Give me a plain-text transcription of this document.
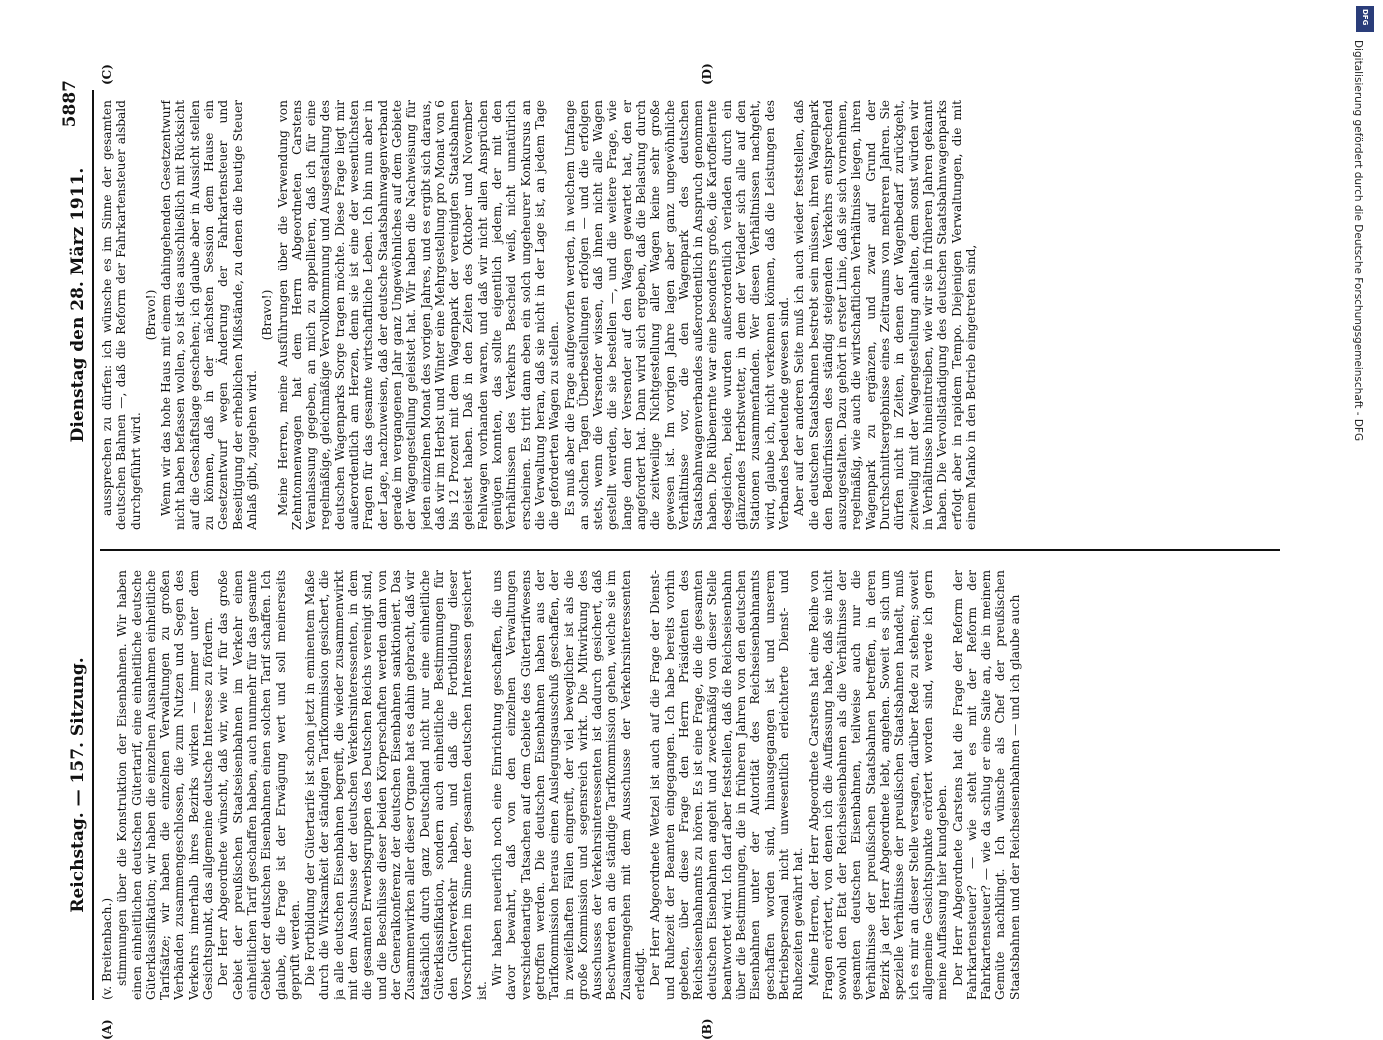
Reichstag. — 157. Sitzung.
Dienstag den 28. März 1911.
5887

(v. Breitenbach.) stimmungen über die Konstruktion der Eisenbahnen. Wir haben einen einheitlichen deutschen Gütertarif, eine einheitliche deutsche Güterklassifikation; wir haben die einzelnen Ausnahmen einheitliche Tarifsätze; wir haben die einzelnen Verwaltungen zu großen Verbänden zusammengeschlossen, die zum Nutzen und Segen des Verkehrs innerhalb ihres Bezirks wirken — immer unter dem Gesichtspunkt, das allgemeine deutsche Interesse zu fördern. Der Herr Abgeordnete wünscht, daß wir, wie wir für das große Gebiet der preußischen Staatseisenbahnen im Verkehr einen einheitlichen Tarif geschaffen haben, auch nunmehr für das gesamte Gebiet der deutschen Eisenbahnen einen solchen Tarif schaffen. Ich glaube, die Frage ist der Erwägung wert und soll meinerseits geprüft werden. Die Fortbildung der Gütertarife ist schon jetzt in eminentem Maße durch die Wirksamkeit der ständigen Tarifkommission gesichert, die ja alle deutschen Eisenbahnen begreift, die wieder zusammenwirkt mit dem Ausschusse der deutschen Verkehrsinteressenten, in dem die gesamten Erwerbsgruppen des Deutschen Reichs vereinigt sind, und die Beschlüsse dieser beiden Körperschaften werden dann von der Generalkonferenz der deutschen Eisenbahnen sanktioniert. Das Zusammenwirken aller dieser Organe hat es dahin gebracht, daß wir tatsächlich durch ganz Deutschland nicht nur eine einheitliche Güterklassifikation, sondern auch einheitliche Bestimmungen für den Güterverkehr haben, und daß die Fortbildung dieser Vorschriften im Sinne der gesamten deutschen Interessen gesichert ist.

Wir haben neuerlich noch eine Einrichtung geschaffen, die uns davor bewahrt, daß von den einzelnen Verwaltungen verschiedenartige Tatsachen auf dem Gebiete des Gütertarifwesens getroffen werden. Die deutschen Eisenbahnen haben aus der Tarifkommission heraus einen Auslegungsausschuß geschaffen, der in zweifelhaften Fällen eingreift, der viel beweglicher ist als die große Kommission und segensreich wirkt. Die Mitwirkung des Ausschusses der Verkehrsinteressenten ist dadurch gesichert, daß Beschwerden an die ständige Tarifkommission gehen, welche sie im Zusammengehen mit dem Ausschusse der Verkehrsinteressenten erledigt. Der Herr Abgeordnete Wetzel ist auch auf die Frage der Dienst- und Ruhezeit der Beamten eingegangen. Ich habe bereits vorhin gebeten, über diese Frage den Herrn Präsidenten des Reichseisenbahnamts zu hören. Es ist eine Frage, die die gesamten deutschen Eisenbahnen angeht und zweckmäßig von dieser Stelle beantwortet wird. Ich darf aber feststellen, daß die Reichseisenbahn über die Bestimmungen, die in früheren Jahren von den deutschen Eisenbahnen unter der Autorität des Reichseisenbahnamts geschaffen worden sind, hinausgegangen ist und unserem Betriebspersonal nicht unwesentlich erleichterte Dienst- und Ruhezeiten gewährt hat. Meine Herren, der Herr Abgeordnete Carstens hat eine Reihe von Fragen erörtert, von denen ich die Auffassung habe, daß sie nicht sowohl den Etat der Reichseisenbahnen als die Verhältnisse der gesamten deutschen Eisenbahnen, teilweise auch nur die Verhältnisse der preußischen Staatsbahnen betreffen, in deren Bezirk ja der Herr Abgeordnete lebt, angehen. Soweit es sich um spezielle Verhältnisse der preußischen Staatsbahnen handelt, muß ich es mir an dieser Stelle versagen, darüber Rede zu stehen; soweit allgemeine Gesichtspunkte erörtert worden sind, werde ich gern meine Auffassung hier kundgeben. Der Herr Abgeordnete Carstens hat die Frage der Reform der Fahrkartensteuer? — wie steht es mit der Reform der Fahrkartensteuer? — wie da schlug er eine Saite an, die in meinem Gemüte nachklingt. Ich wünsche als Chef der preußischen Staatsbahnen und der Reichseisenbahnen — und ich glaube auch

aussprechen zu dürfen: ich wünsche es im Sinne der gesamten deutschen Bahnen —, daß die Reform der Fahrkartensteuer alsbald durchgeführt wird.

(Bravo!) Wenn wir das hohe Haus mit einem dahingehenden Gesetzentwurf nicht haben befassen wollen, so ist dies ausschließlich mit Rücksicht auf die Geschäftslage geschehen; ich glaube aber in Aussicht stellen zu können, daß in der nächsten Session dem Hause ein Gesetzentwurf wegen Änderung der Fahrkartensteuer und Beseitigung der erheblichen Mißstände, zu denen die heutige Steuer Anlaß gibt, zugehen wird.

(Bravo!) Meine Herren, meine Ausführungen über die Verwendung von Zehntonnenwagen hat dem Herrn Abgeordneten Carstens Veranlassung gegeben, an mich zu appellieren, daß ich für eine regelmäßige, gleichmäßige Vervollkommnung und Ausgestaltung des deutschen Wagenparks Sorge tragen möchte. Diese Frage liegt mir außerordentlich am Herzen, denn sie ist eine der wesentlichsten Fragen für das gesamte wirtschaftliche Leben. Ich bin nun aber in der Lage, nachzuweisen, daß der deutsche Staatsbahnwagenverband gerade im vergangenen Jahr ganz Ungewöhnliches auf dem Gebiete der Wagengestellung geleistet hat. Wir haben die Nachweisung für jeden einzelnen Monat des vorigen Jahres, und es ergibt sich daraus, daß wir im Herbst und Winter eine Mehrgestellung pro Monat von 6 bis 12 Prozent mit dem Wagenpark der vereinigten Staatsbahnen geleistet haben. Daß in den Zeiten des Oktober und November Fehlwagen vorhanden waren, und daß wir nicht allen Ansprüchen genügen konnten, das sollte eigentlich jedem, der mit den Verhältnissen des Verkehrs Bescheid weiß, nicht unnatürlich erscheinen. Es tritt dann eben ein solch ungeheurer Konkursus an die Verwaltung heran, daß sie nicht in der Lage ist, an jedem Tage die geforderten Wagen zu stellen. Es muß aber die Frage aufgeworfen werden, in welchem Umfange an solchen Tagen Überbestellungen erfolgen — und die erfolgen stets, wenn die Versender wissen, daß ihnen nicht alle Wagen gestellt werden, die sie bestellen —, und die weitere Frage, wie lange denn der Versender auf den Wagen gewartet hat, den er angefordert hat. Dann wird sich ergeben, daß die Belastung durch die zeitweilige Nichtgestellung aller Wagen keine sehr große gewesen ist. Im vorigen Jahre lagen aber ganz ungewöhnliche Verhältnisse vor, die den Wagenpark des deutschen Staatsbahnwagenverbandes außerordentlich in Anspruch genommen haben. Die Rübenernte war eine besonders große, die Kartoffelernte desgleichen, beide wurden außerordentlich verladen durch ein glänzendes Herbstwetter, in dem der Verlader sich alle auf den Stationen zusammenfanden. Wer diesen Verhältnissen nachgeht, wird, glaube ich, nicht verkennen können, daß die Leistungen des Verbandes bedeutende gewesen sind. Aber auf der anderen Seite muß ich auch wieder feststellen, daß die deutschen Staatsbahnen bestrebt sein müssen, ihren Wagenpark den Bedürfnissen des ständig steigenden Verkehrs entsprechend auszugestalten. Dazu gehört in erster Linie, daß sie sich vornehmen, regelmäßig, wie auch die wirtschaftlichen Verhältnisse liegen, ihren Wagenpark zu ergänzen, und zwar auf Grund der Durchschnittsergebnisse eines Zeitraums von mehreren Jahren. Sie dürfen nicht in Zeiten, in denen der Wagenbedarf zurückgeht, zeitweilig mit der Wagengestellung anhalten, dem sonst würden wir in Verhältnisse hineintreiben, wie wir sie in früheren Jahren gekannt haben. Die Vervollständigung des deutschen Staatsbahnwagenparks erfolgt aber in rapidem Tempo. Diejenigen Verwaltungen, die mit einem Manko in den Betrieb eingetreten sind,

(A)	(B)
(C)	(D)
DFG
Digitalisierung gefördert durch die Deutsche Forschungsgemeinschaft - DFG
